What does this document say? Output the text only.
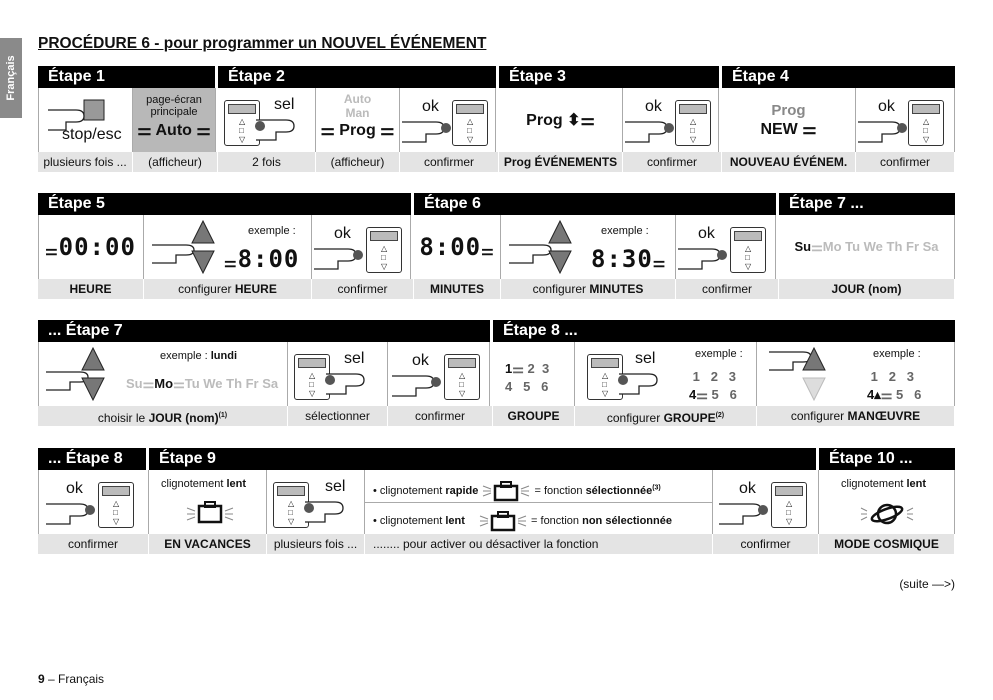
Français
PROCÉDURE 6 - pour programmer un NOUVEL ÉVÉNEMENT
Étape 1	Étape 2	Étape 3	Étape 4
stop/esc
page-écran
principale
⚌ Auto ⚌
△
□
▽
sel	Auto
Man
⚌ Prog ⚌
ok
△
□
▽
Prog ⬍⚌
ok
△
□
▽
Prog
NEW ⚌
ok
△
□
▽
plusieurs fois ...	(afficheur)	2 fois	(afficheur)	confirmer	Prog ÉVÉNEMENTS	confirmer	NOUVEAU ÉVÉNEM.	confirmer
Étape 5	Étape 6	Étape 7 ...
⚌00:00
exemple :
⚌8:00
ok
△
□
▽
8:00⚌
exemple :
8:30⚌
ok
△
□
▽
Su⚌Mo Tu We Th Fr Sa
HEURE	configurer HEURE	confirmer	MINUTES	configurer MINUTES	confirmer	JOUR (nom)
... Étape 7	Étape 8 ...
exemple : lundi
Su⚌Mo⚌Tu We Th Fr Sa
△
□
▽
sel	ok
△
□
▽
1⚌ 2 3
4 5 6
△
□
▽
sel	exemple :
1 2 3
4⚌ 5 6
exemple :
1 2 3
4▴⚌ 5 6
choisir le JOUR (nom)$^{(1)}$	sélectionner	confirmer	GROUPE	configurer GROUPE$^{(2)}$	configurer MANŒUVRE
... Étape 8	Étape 9	Étape 10 ...
ok
△
□
▽
clignotement lent
△
□
▽
sel	• clignotement rapide	= fonction sélectionnée$^{(3)}$
• clignotement lent	= fonction non sélectionnée
ok
△
□
▽
clignotement lent
confirmer	EN VACANCES	plusieurs fois ...	........ pour activer ou désactiver la fonction	confirmer	MODE COSMIQUE
(suite —>)
9 – Français
